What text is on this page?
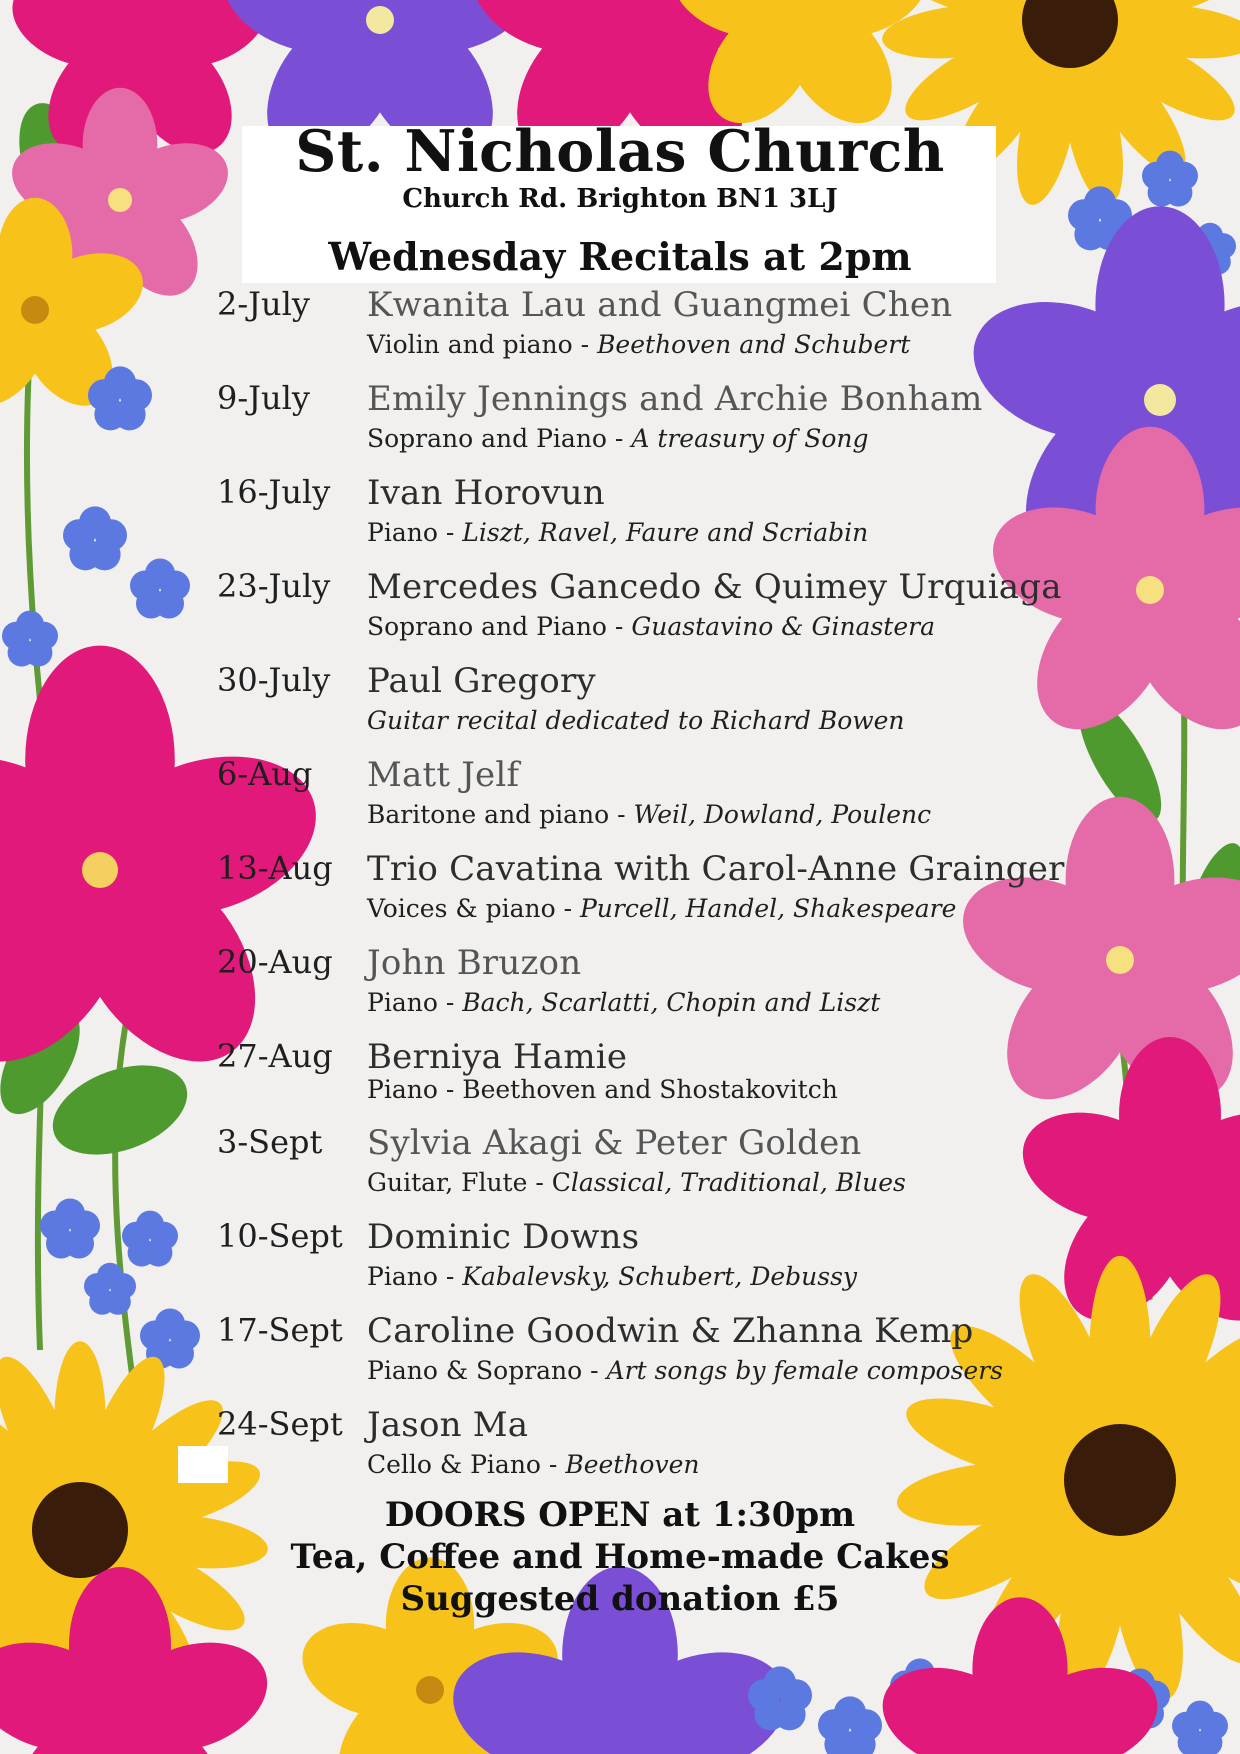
St. Nicholas Church
Church Rd. Brighton BN1 3LJ
Wednesday Recitals at 2pm
2-July Kwanita Lau and Guangmei Chen
Violin and piano - Beethoven and Schubert
9-July Emily Jennings and Archie Bonham
Soprano and Piano - A treasury of Song
16-July Ivan Horovun
Piano - Liszt, Ravel, Faure and Scriabin
23-July Mercedes Gancedo & Quimey Urquiaga
Soprano and Piano - Guastavino & Ginastera
30-July Paul Gregory
Guitar recital dedicated to Richard Bowen
6-Aug Matt Jelf
Baritone and piano - Weil, Dowland, Poulenc
13-Aug Trio Cavatina with Carol-Anne Grainger
Voices & piano - Purcell, Handel, Shakespeare
20-Aug John Bruzon
Piano - Bach, Scarlatti, Chopin and Liszt
27-Aug Berniya Hamie
Piano - Beethoven and Shostakovitch
3-Sept Sylvia Akagi & Peter Golden
Guitar, Flute - Classical, Traditional, Blues
10-Sept Dominic Downs
Piano - Kabalevsky, Schubert, Debussy
17-Sept Caroline Goodwin & Zhanna Kemp
Piano & Soprano - Art songs by female composers
24-Sept Jason Ma
Cello & Piano - Beethoven
DOORS OPEN at 1:30pm
Tea, Coffee and Home-made Cakes
Suggested donation £5
